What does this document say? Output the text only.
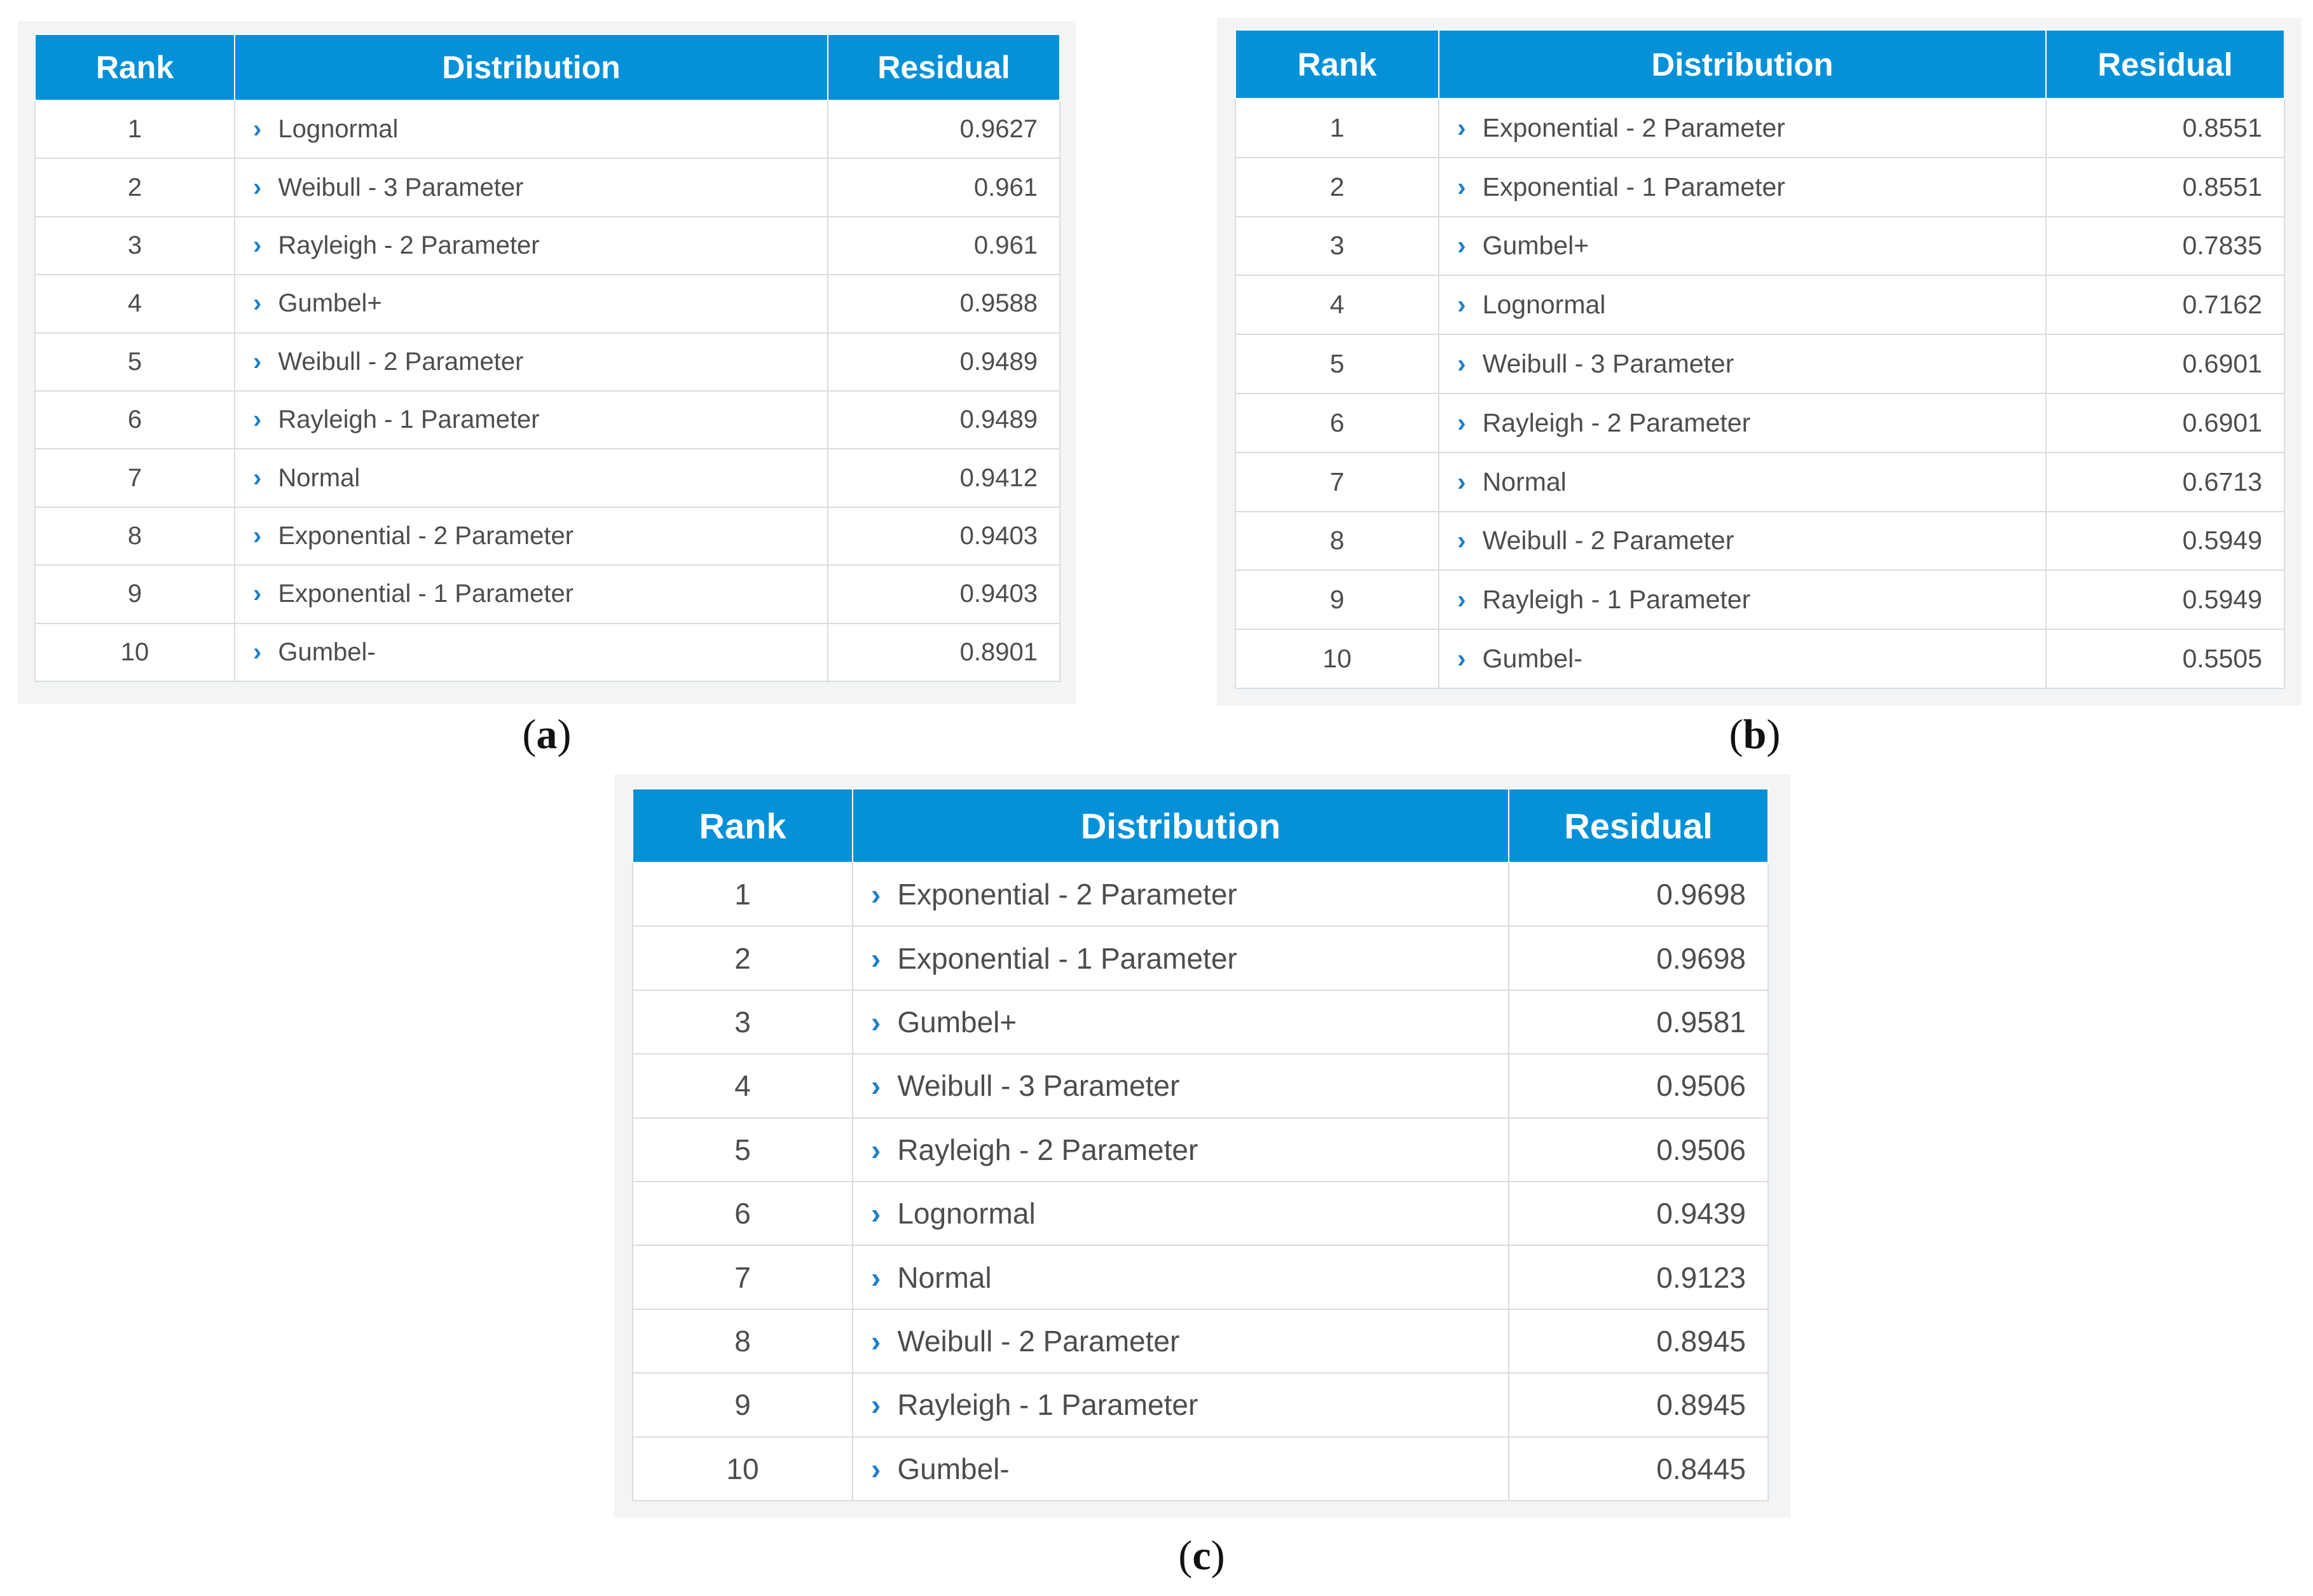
Rank	Distribution	Residual
1	› Lognormal	0.9627
2	› Weibull - 3 Parameter	0.961
3	› Rayleigh - 2 Parameter	0.961
4	› Gumbel+	0.9588
5	› Weibull - 2 Parameter	0.9489
6	› Rayleigh - 1 Parameter	0.9489
7	› Normal	0.9412
8	› Exponential - 2 Parameter	0.9403
9	› Exponential - 1 Parameter	0.9403
10	› Gumbel-	0.8901
Rank	Distribution	Residual
1	› Exponential - 2 Parameter	0.8551
2	› Exponential - 1 Parameter	0.8551
3	› Gumbel+	0.7835
4	› Lognormal	0.7162
5	› Weibull - 3 Parameter	0.6901
6	› Rayleigh - 2 Parameter	0.6901
7	› Normal	0.6713
8	› Weibull - 2 Parameter	0.5949
9	› Rayleigh - 1 Parameter	0.5949
10	› Gumbel-	0.5505
Rank	Distribution	Residual
1	› Exponential - 2 Parameter	0.9698
2	› Exponential - 1 Parameter	0.9698
3	› Gumbel+	0.9581
4	› Weibull - 3 Parameter	0.9506
5	› Rayleigh - 2 Parameter	0.9506
6	› Lognormal	0.9439
7	› Normal	0.9123
8	› Weibull - 2 Parameter	0.8945
9	› Rayleigh - 1 Parameter	0.8945
10	› Gumbel-	0.8445
(a)	(b)
(c)
